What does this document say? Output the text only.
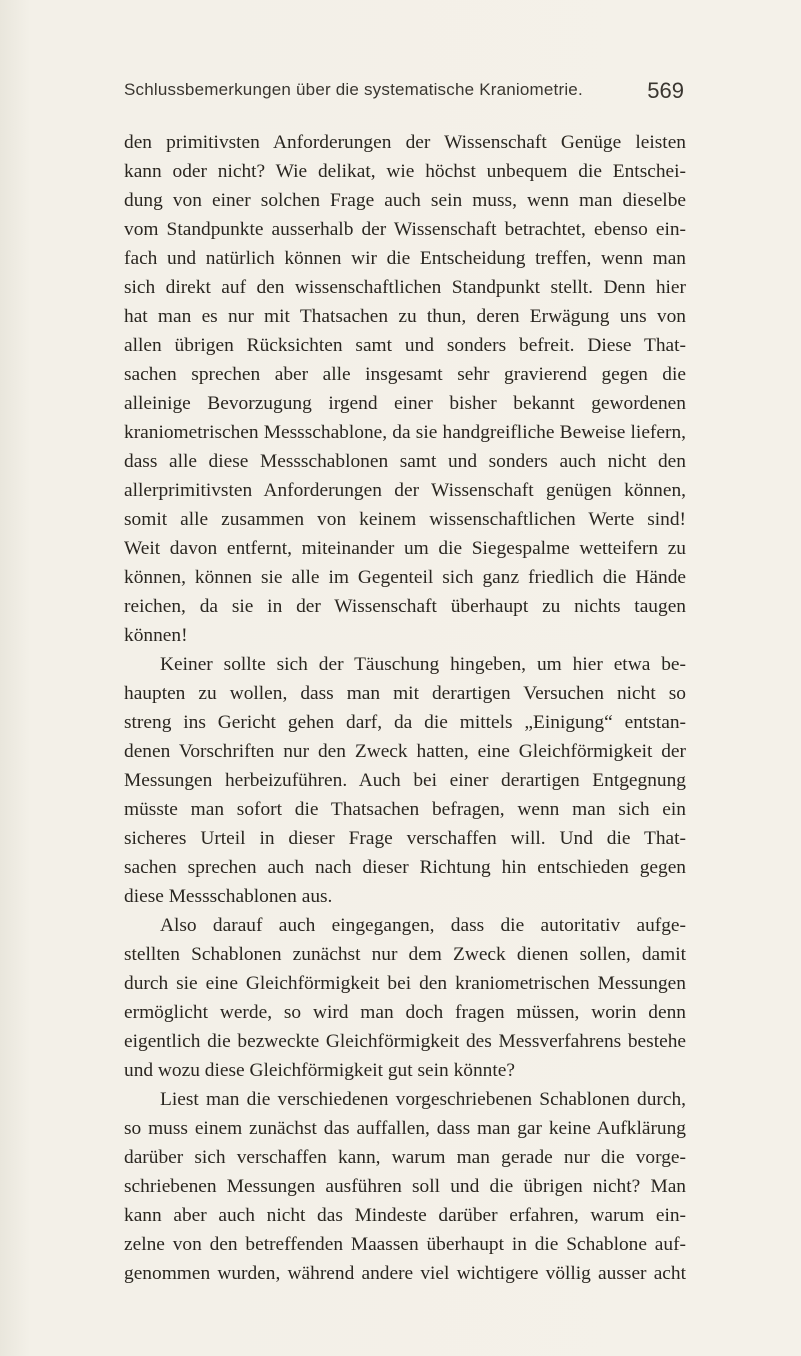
Schlussbemerkungen über die systematische Kraniometrie.	569
den primitivsten Anforderungen der Wissenschaft Genüge leisten
kann oder nicht? Wie delikat, wie höchst unbequem die Entschei-
dung von einer solchen Frage auch sein muss, wenn man dieselbe
vom Standpunkte ausserhalb der Wissenschaft betrachtet, ebenso ein-
fach und natürlich können wir die Entscheidung treffen, wenn man
sich direkt auf den wissenschaftlichen Standpunkt stellt. Denn hier
hat man es nur mit Thatsachen zu thun, deren Erwägung uns von
allen übrigen Rücksichten samt und sonders befreit. Diese That-
sachen sprechen aber alle insgesamt sehr gravierend gegen die
alleinige Bevorzugung irgend einer bisher bekannt gewordenen
kraniometrischen Messschablone, da sie handgreifliche Beweise liefern,
dass alle diese Messschablonen samt und sonders auch nicht den
allerprimitivsten Anforderungen der Wissenschaft genügen können,
somit alle zusammen von keinem wissenschaftlichen Werte sind!
Weit davon entfernt, miteinander um die Siegespalme wetteifern zu
können, können sie alle im Gegenteil sich ganz friedlich die Hände
reichen, da sie in der Wissenschaft überhaupt zu nichts taugen
können!
Keiner sollte sich der Täuschung hingeben, um hier etwa be-
haupten zu wollen, dass man mit derartigen Versuchen nicht so
streng ins Gericht gehen darf, da die mittels „Einigung“ entstan-
denen Vorschriften nur den Zweck hatten, eine Gleichförmigkeit der
Messungen herbeizuführen. Auch bei einer derartigen Entgegnung
müsste man sofort die Thatsachen befragen, wenn man sich ein
sicheres Urteil in dieser Frage verschaffen will. Und die That-
sachen sprechen auch nach dieser Richtung hin entschieden gegen
diese Messschablonen aus.
Also darauf auch eingegangen, dass die autoritativ aufge-
stellten Schablonen zunächst nur dem Zweck dienen sollen, damit
durch sie eine Gleichförmigkeit bei den kraniometrischen Messungen
ermöglicht werde, so wird man doch fragen müssen, worin denn
eigentlich die bezweckte Gleichförmigkeit des Messverfahrens bestehe
und wozu diese Gleichförmigkeit gut sein könnte?
Liest man die verschiedenen vorgeschriebenen Schablonen durch,
so muss einem zunächst das auffallen, dass man gar keine Aufklärung
darüber sich verschaffen kann, warum man gerade nur die vorge-
schriebenen Messungen ausführen soll und die übrigen nicht? Man
kann aber auch nicht das Mindeste darüber erfahren, warum ein-
zelne von den betreffenden Maassen überhaupt in die Schablone auf-
genommen wurden, während andere viel wichtigere völlig ausser acht
